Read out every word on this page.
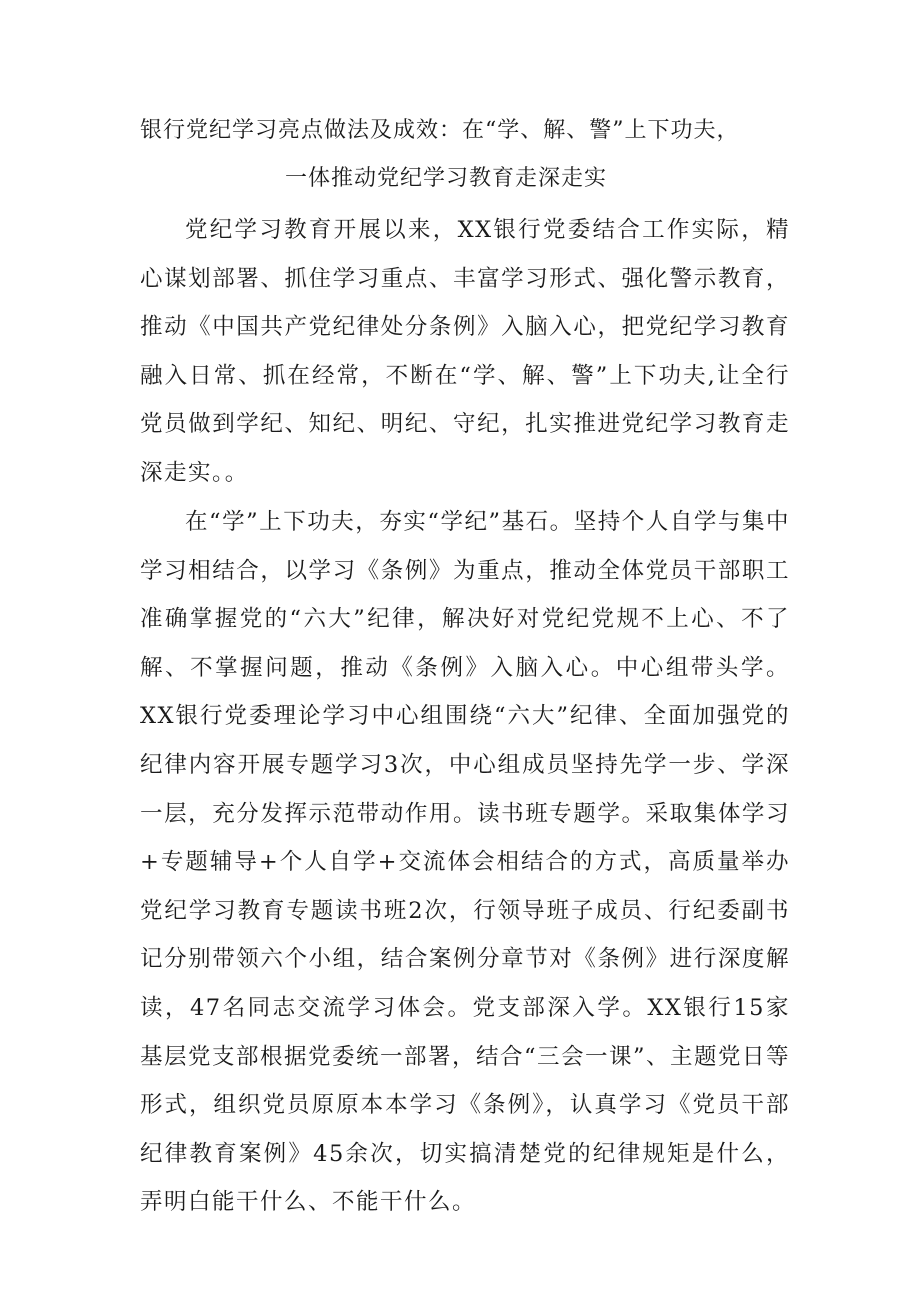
银行党纪学习亮点做法及成效：在“学、解、警”上下功夫，
一体推动党纪学习教育走深走实

党纪学习教育开展以来，XX银行党委结合工作实际，精心谋划部署、抓住学习重点、丰富学习形式、强化警示教育，推动《中国共产党纪律处分条例》入脑入心，把党纪学习教育融入日常、抓在经常，不断在“学、解、警”上下功夫,让全行党员做到学纪、知纪、明纪、守纪，扎实推进党纪学习教育走深走实。。

在“学”上下功夫，夯实“学纪”基石。坚持个人自学与集中学习相结合，以学习《条例》为重点，推动全体党员干部职工准确掌握党的“六大”纪律，解决好对党纪党规不上心、不了解、不掌握问题，推动《条例》入脑入心。中心组带头学。XX银行党委理论学习中心组围绕“六大”纪律、全面加强党的纪律内容开展专题学习3次，中心组成员坚持先学一步、学深一层，充分发挥示范带动作用。读书班专题学。采取集体学习+专题辅导+个人自学+交流体会相结合的方式，高质量举办党纪学习教育专题读书班2次，行领导班子成员、行纪委副书记分别带领六个小组，结合案例分章节对《条例》进行深度解读，47名同志交流学习体会。党支部深入学。XX银行15家基层党支部根据党委统一部署，结合“三会一课”、主题党日等形式，组织党员原原本本学习《条例》，认真学习《党员干部纪律教育案例》45余次，切实搞清楚党的纪律规矩是什么，弄明白能干什么、不能干什么。
